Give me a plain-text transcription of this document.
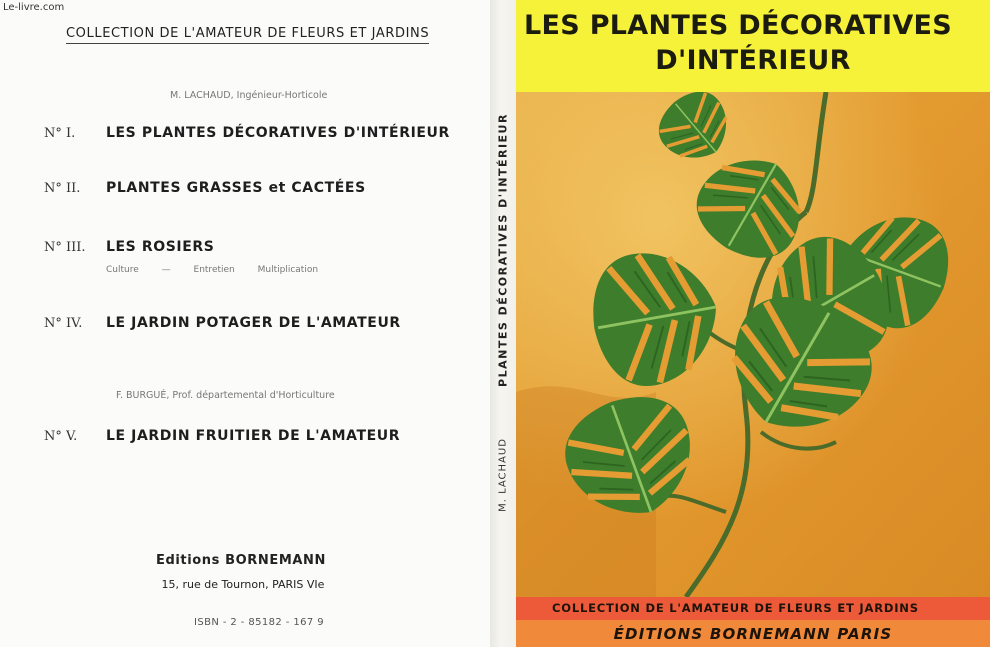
Le-livre.com
COLLECTION DE L'AMATEUR DE FLEURS ET JARDINS
M. LACHAUD, Ingénieur-Horticole
N° I. LES PLANTES DÉCORATIVES D'INTÉRIEUR
N° II. PLANTES GRASSES et CACTÉES
N° III. LES ROSIERS
Culture	—	Entretien	Multiplication
N° IV. LE JARDIN POTAGER DE L'AMATEUR
F. BURGUÉ, Prof. départemental d'Horticulture
N° V. LE JARDIN FRUITIER DE L'AMATEUR
Editions BORNEMANN
15, rue de Tournon, PARIS VIe
ISBN - 2 - 85182 - 167 9
PLANTES DÉCORATIVES D'INTÉRIEUR
M. LACHAUD
LES PLANTES DÉCORATIVES
D'INTÉRIEUR
COLLECTION DE L'AMATEUR DE FLEURS ET JARDINS
ÉDITIONS BORNEMANN PARIS
